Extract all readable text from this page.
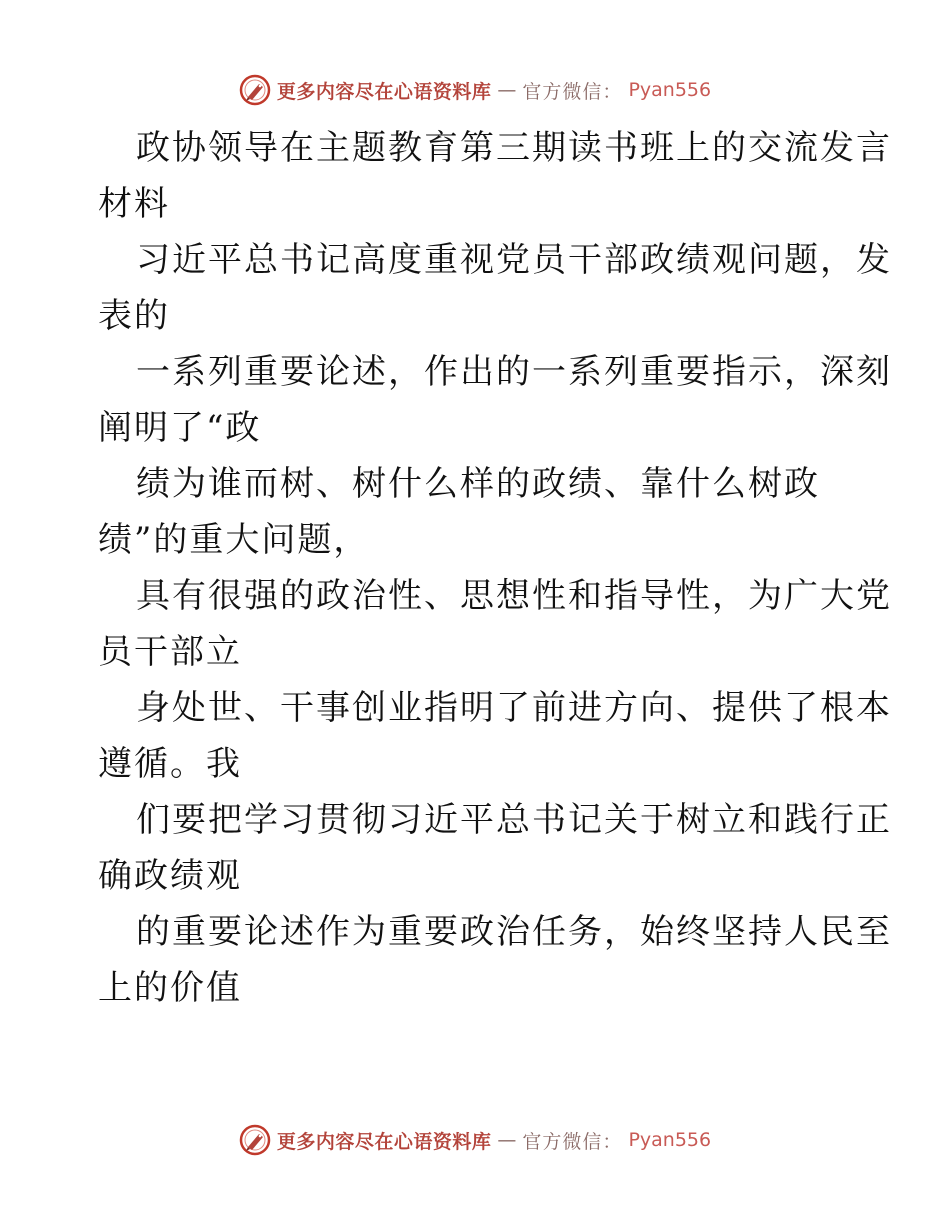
更多内容尽在心语资料库 — 官方微信： Pyan556
政协领导在主题教育第三期读书班上的交流发言
材料
习近平总书记高度重视党员干部政绩观问题，发
表的
一系列重要论述，作出的一系列重要指示，深刻
阐明了“政
绩为谁而树、树什么样的政绩、靠什么树政
绩”的重大问题，
具有很强的政治性、思想性和指导性，为广大党
员干部立
身处世、干事创业指明了前进方向、提供了根本
遵循。我
们要把学习贯彻习近平总书记关于树立和践行正
确政绩观
的重要论述作为重要政治任务，始终坚持人民至
上的价值
更多内容尽在心语资料库 — 官方微信： Pyan556
